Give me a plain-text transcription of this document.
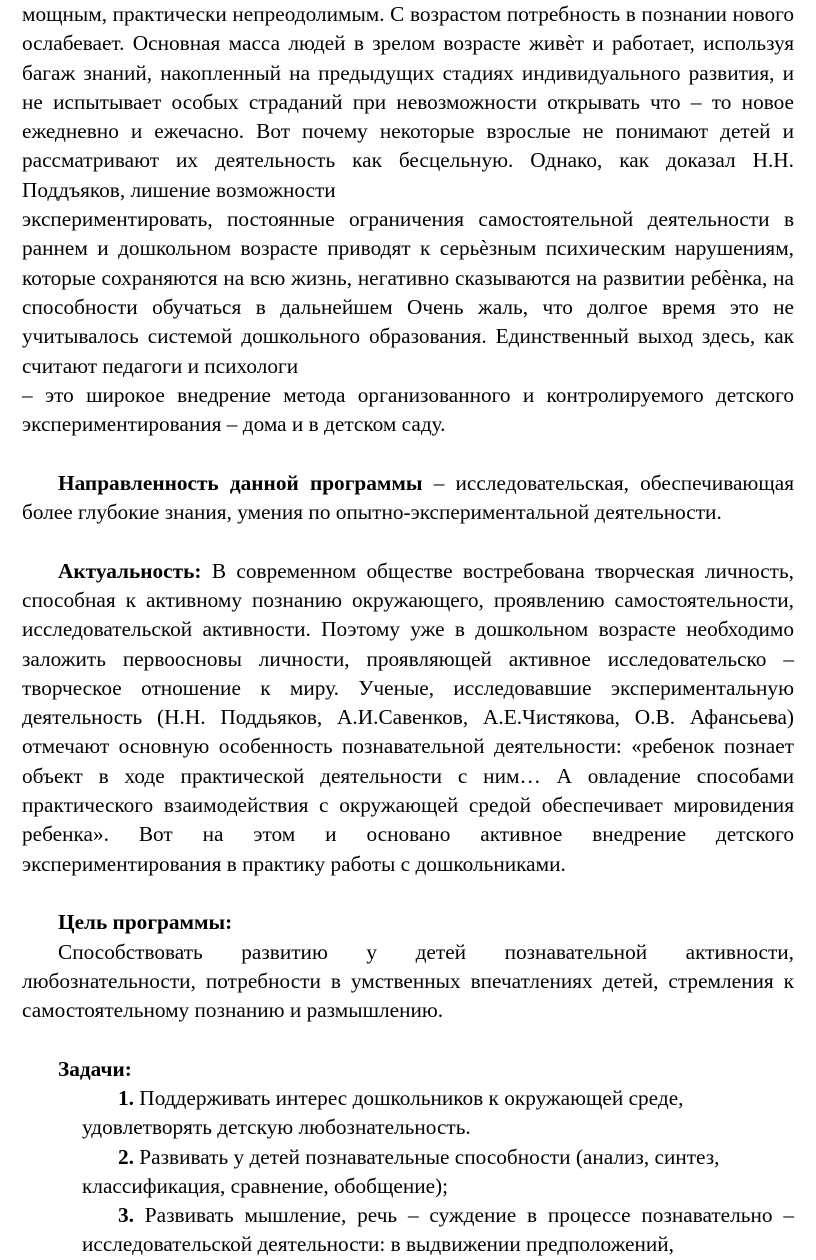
мощным, практически непреодолимым. С возрастом потребность в познании нового ослабевает. Основная масса людей в зрелом возрасте живѐт и работает, используя багаж знаний, накопленный на предыдущих стадиях индивидуального развития, и не испытывает особых страданий при невозможности открывать что – то новое ежедневно и ежечасно. Вот почему некоторые взрослые не понимают детей и рассматривают их деятельность как бесцельную. Однако, как доказал Н.Н. Поддъяков, лишение возможности
экспериментировать, постоянные ограничения самостоятельной деятельности в раннем и дошкольном возрасте приводят к серьѐзным психическим нарушениям, которые сохраняются на всю жизнь, негативно сказываются на развитии ребѐнка, на способности обучаться в дальнейшем Очень жаль, что долгое время это не учитывалось системой дошкольного образования. Единственный выход здесь, как считают педагоги и психологи
– это широкое внедрение метода организованного и контролируемого детского экспериментирования – дома и в детском саду.

Направленность данной программы – исследовательская, обеспечивающая более глубокие знания, умения по опытно-экспериментальной деятельности.

Актуальность: В современном обществе востребована творческая личность, способная к активному познанию окружающего, проявлению самостоятельности, исследовательской активности. Поэтому уже в дошкольном возрасте необходимо заложить первоосновы личности, проявляющей активное исследовательско – творческое отношение к миру. Ученые, исследовавшие экспериментальную деятельность (Н.Н. Поддьяков, А.И.Савенков, А.Е.Чистякова, О.В. Афансьева) отмечают основную особенность познавательной деятельности: «ребенок познает объект в ходе практической деятельности с ним… А овладение способами практического взаимодействия с окружающей средой обеспечивает мировидения ребенка». Вот на этом и основано активное внедрение детского экспериментирования в практику работы с дошкольниками.

Цель программы:

Способствовать развитию у детей познавательной активности, любознательности, потребности в умственных впечатлениях детей, стремления к самостоятельному познанию и размышлению.

Задачи:

1. Поддерживать интерес дошкольников к окружающей среде, удовлетворять детскую любознательность.

2. Развивать у детей познавательные способности (анализ, синтез, классификация, сравнение, обобщение);

3. Развивать мышление, речь – суждение в процессе познавательно – исследовательской деятельности: в выдвижении предположений,
